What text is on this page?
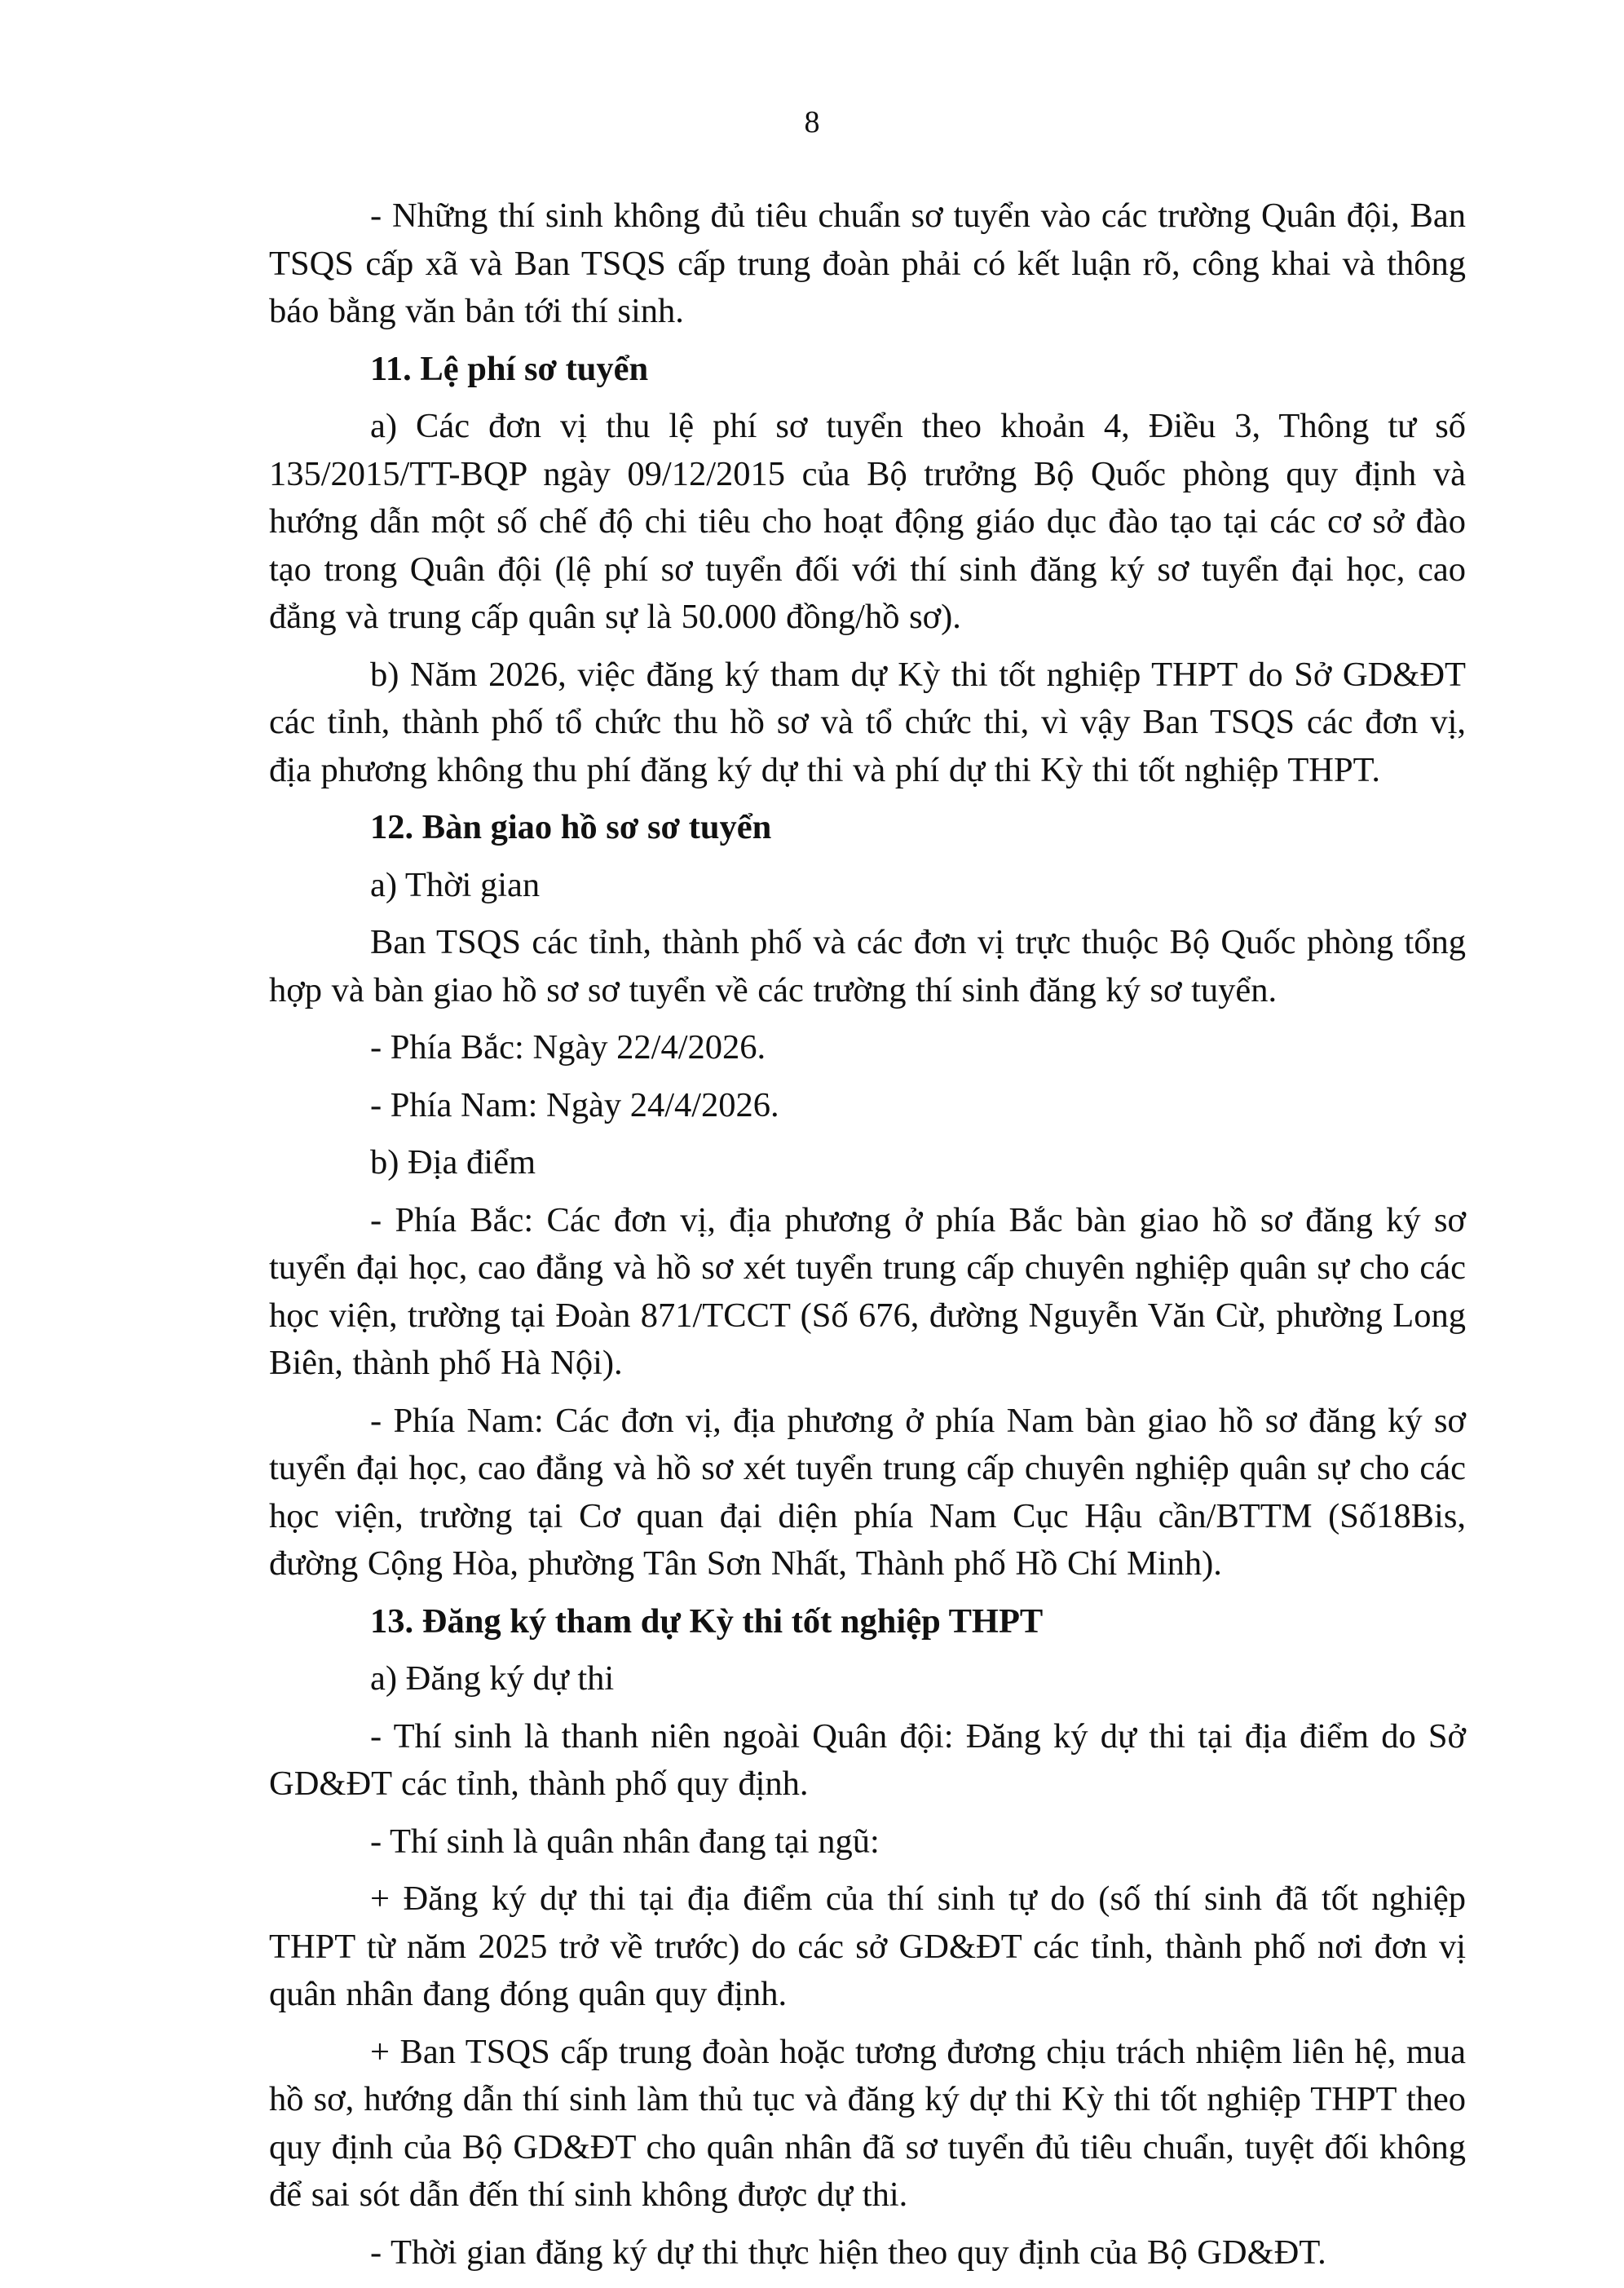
8

- Những thí sinh không đủ tiêu chuẩn sơ tuyển vào các trường Quân đội, Ban TSQS cấp xã và Ban TSQS cấp trung đoàn phải có kết luận rõ, công khai và thông báo bằng văn bản tới thí sinh.

11. Lệ phí sơ tuyển

a) Các đơn vị thu lệ phí sơ tuyển theo khoản 4, Điều 3, Thông tư số 135/2015/TT-BQP ngày 09/12/2015 của Bộ trưởng Bộ Quốc phòng quy định và hướng dẫn một số chế độ chi tiêu cho hoạt động giáo dục đào tạo tại các cơ sở đào tạo trong Quân đội (lệ phí sơ tuyển đối với thí sinh đăng ký sơ tuyển đại học, cao đẳng và trung cấp quân sự là 50.000 đồng/hồ sơ).

b) Năm 2026, việc đăng ký tham dự Kỳ thi tốt nghiệp THPT do Sở GD&ĐT các tỉnh, thành phố tổ chức thu hồ sơ và tổ chức thi, vì vậy Ban TSQS các đơn vị, địa phương không thu phí đăng ký dự thi và phí dự thi Kỳ thi tốt nghiệp THPT.

12. Bàn giao hồ sơ sơ tuyển

a) Thời gian

Ban TSQS các tỉnh, thành phố và các đơn vị trực thuộc Bộ Quốc phòng tổng hợp và bàn giao hồ sơ sơ tuyển về các trường thí sinh đăng ký sơ tuyển.

- Phía Bắc: Ngày 22/4/2026.

- Phía Nam: Ngày 24/4/2026.

b) Địa điểm

- Phía Bắc: Các đơn vị, địa phương ở phía Bắc bàn giao hồ sơ đăng ký sơ tuyển đại học, cao đẳng và hồ sơ xét tuyển trung cấp chuyên nghiệp quân sự cho các học viện, trường tại Đoàn 871/TCCT (Số 676, đường Nguyễn Văn Cừ, phường Long Biên, thành phố Hà Nội).

- Phía Nam: Các đơn vị, địa phương ở phía Nam bàn giao hồ sơ đăng ký sơ tuyển đại học, cao đẳng và hồ sơ xét tuyển trung cấp chuyên nghiệp quân sự cho các học viện, trường tại Cơ quan đại diện phía Nam Cục Hậu cần/BTTM (Số18Bis, đường Cộng Hòa, phường Tân Sơn Nhất, Thành phố Hồ Chí Minh).

13. Đăng ký tham dự Kỳ thi tốt nghiệp THPT

a) Đăng ký dự thi

- Thí sinh là thanh niên ngoài Quân đội: Đăng ký dự thi tại địa điểm do Sở GD&ĐT các tỉnh, thành phố quy định.

- Thí sinh là quân nhân đang tại ngũ:

+ Đăng ký dự thi tại địa điểm của thí sinh tự do (số thí sinh đã tốt nghiệp THPT từ năm 2025 trở về trước) do các sở GD&ĐT các tỉnh, thành phố nơi đơn vị quân nhân đang đóng quân quy định.

+ Ban TSQS cấp trung đoàn hoặc tương đương chịu trách nhiệm liên hệ, mua hồ sơ, hướng dẫn thí sinh làm thủ tục và đăng ký dự thi Kỳ thi tốt nghiệp THPT theo quy định của Bộ GD&ĐT cho quân nhân đã sơ tuyển đủ tiêu chuẩn, tuyệt đối không để sai sót dẫn đến thí sinh không được dự thi.

- Thời gian đăng ký dự thi thực hiện theo quy định của Bộ GD&ĐT.
